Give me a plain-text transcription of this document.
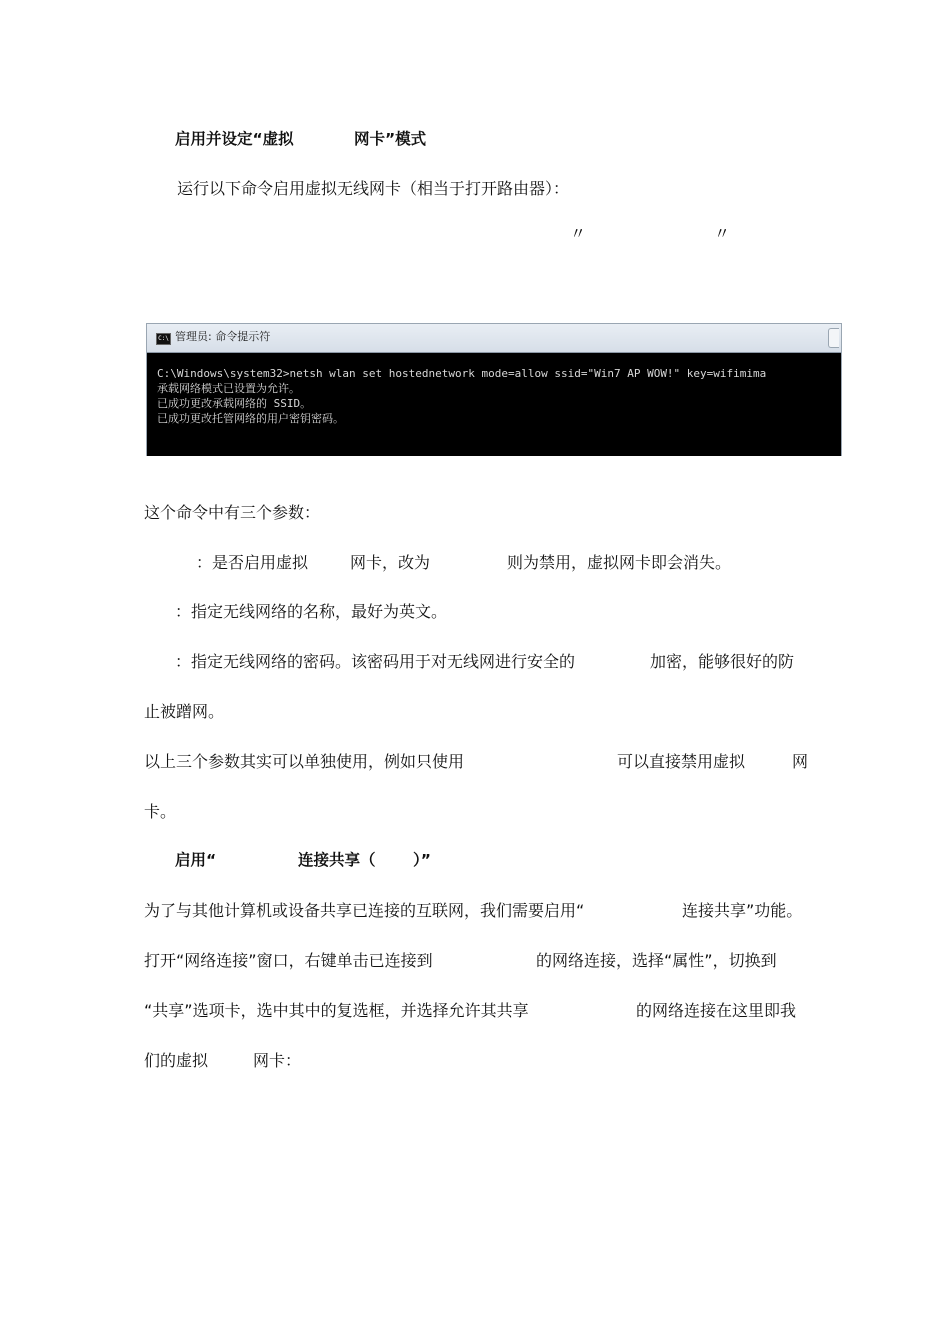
启用并设定“虚拟	网卡”模式

运行以下命令启用虚拟无线网卡（相当于打开路由器）：

〃	〃

C:\ 管理员: 命令提示符
C:\Windows\system32>netsh wlan set hostednetwork mode=allow ssid="Win7 AP WOW!" key=wifimima
承载网络模式已设置为允许。
已成功更改承载网络的 SSID。
已成功更改托管网络的用户密钥密码。

这个命令中有三个参数：

：是否启用虚拟	网卡，改为	则为禁用，虚拟网卡即会消失。

：指定无线网络的名称，最好为英文。

：指定无线网络的密码。该密码用于对无线网进行安全的	加密，能够很好的防

止被蹭网。

以上三个参数其实可以单独使用，例如只使用	可以直接禁用虚拟	网

卡。

启用“	连接共享（ ）”

为了与其他计算机或设备共享已连接的互联网，我们需要启用“	连接共享”功能。

打开“网络连接”窗口，右键单击已连接到	的网络连接，选择“属性”，切换到

“共享”选项卡，选中其中的复选框，并选择允许其共享	的网络连接在这里即我

们的虚拟	网卡：
